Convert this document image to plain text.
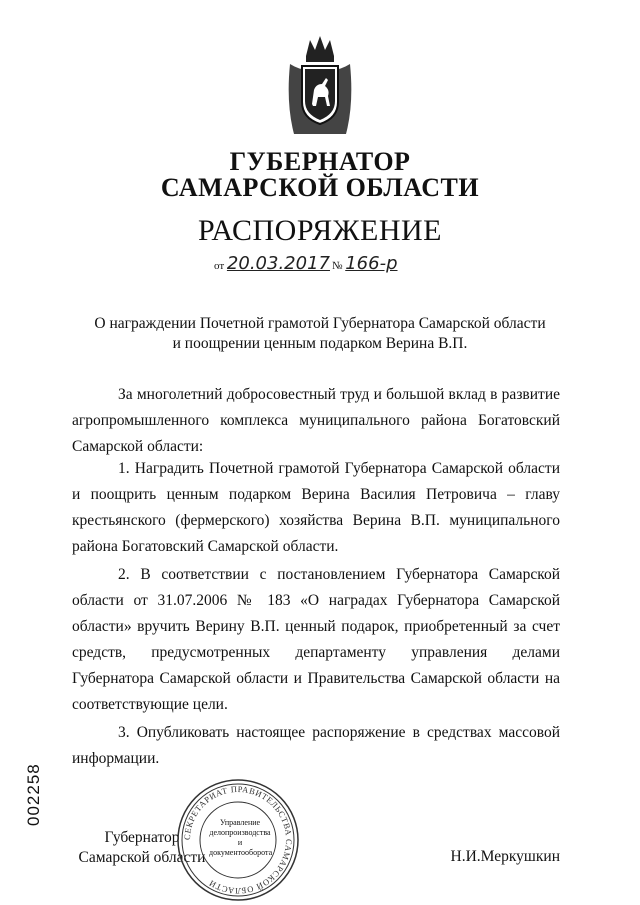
ГУБЕРНАТОР
САМАРСКОЙ ОБЛАСТИ
РАСПОРЯЖЕНИЕ
от 20.03.2017 № 166-р
О награждении Почетной грамотой Губернатора Самарской области
и поощрении ценным подарком Верина В.П.

За многолетний добросовестный труд и большой вклад в развитие агропромышленного комплекса муниципального района Богатовский Самарской области:

1. Наградить Почетной грамотой Губернатора Самарской области и поощрить ценным подарком Верина Василия Петровича – главу крестьянского (фермерского) хозяйства Верина В.П. муниципального района Богатовский Самарской области.

2. В соответствии с постановлением Губернатора Самарской области от 31.07.2006 № 183 «О наградах Губернатора Самарской области» вручить Верину В.П. ценный подарок, приобретенный за счет средств, предусмотренных департаменту управления делами Губернатора Самарской области и Правительства Самарской области на соответствующие цели.

3. Опубликовать настоящее распоряжение в средствах массовой информации.

002258
Губернатор
Самарской области
СЕКРЕТАРИАТ ПРАВИТЕЛЬСТВА САМАРСКОЙ ОБЛАСТИ
Управление
делопроизводства
и документооборота	Н.И.Меркушкин
